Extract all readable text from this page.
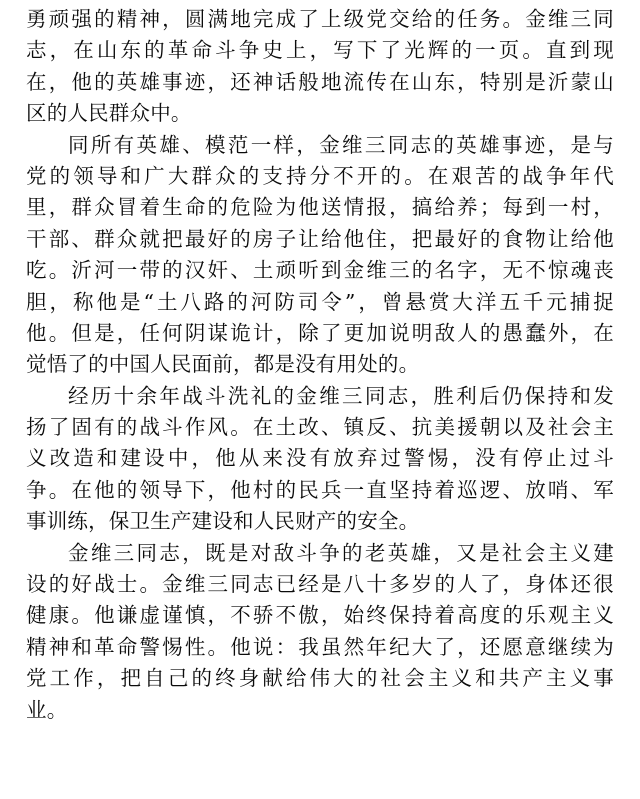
勇顽强的精神，圆满地完成了上级党交给的任务。金维三同
志，在山东的革命斗争史上，写下了光辉的一页。直到现
在，他的英雄事迹，还神话般地流传在山东，特别是沂蒙山
区的人民群众中。
同所有英雄、模范一样，金维三同志的英雄事迹，是与
党的领导和广大群众的支持分不开的。在艰苦的战争年代
里，群众冒着生命的危险为他送情报，搞给养；每到一村，
干部、群众就把最好的房子让给他住，把最好的食物让给他
吃。沂河一带的汉奸、土顽听到金维三的名字，无不惊魂丧
胆，称他是“土八路的河防司令”，曾悬赏大洋五千元捕捉
他。但是，任何阴谋诡计，除了更加说明敌人的愚蠢外，在
觉悟了的中国人民面前，都是没有用处的。
经历十余年战斗洗礼的金维三同志，胜利后仍保持和发
扬了固有的战斗作风。在土改、镇反、抗美援朝以及社会主
义改造和建设中，他从来没有放弃过警惕，没有停止过斗
争。在他的领导下，他村的民兵一直坚持着巡逻、放哨、军
事训练，保卫生产建设和人民财产的安全。
金维三同志，既是对敌斗争的老英雄，又是社会主义建
设的好战士。金维三同志已经是八十多岁的人了，身体还很
健康。他谦虚谨慎，不骄不傲，始终保持着高度的乐观主义
精神和革命警惕性。他说：我虽然年纪大了，还愿意继续为
党工作，把自己的终身献给伟大的社会主义和共产主义事
业。
